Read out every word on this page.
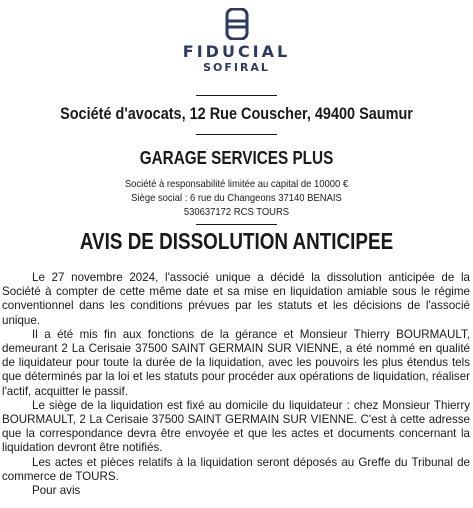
FIDUCIAL
SOFIRAL
Société d'avocats, 12 Rue Couscher, 49400 Saumur
GARAGE SERVICES PLUS
Société à responsabilité limitée au capital de 10000 €
Siège social : 6 rue du Changeons 37140 BENAIS
530637172 RCS TOURS
AVIS DE DISSOLUTION ANTICIPEE

Le 27 novembre 2024, l'associé unique a décidé la dissolution anticipée de la Société à compter de cette même date et sa mise en liquidation amiable sous le régime conventionnel dans les conditions prévues par les statuts et les décisions de l'associé unique.

Il a été mis fin aux fonctions de la gérance et Monsieur Thierry BOURMAULT, demeurant 2 La Cerisaie 37500 SAINT GERMAIN SUR VIENNE, a été nommé en qualité de liquidateur pour toute la durée de la liquidation, avec les pouvoirs les plus étendus tels que déterminés par la loi et les statuts pour procéder aux opérations de liquidation, réaliser l'actif, acquitter le passif.

Le siège de la liquidation est fixé au domicile du liquidateur : chez Monsieur Thierry BOURMAULT, 2 La Cerisaie 37500 SAINT GERMAIN SUR VIENNE. C'est à cette adresse que la correspondance devra être envoyée et que les actes et documents concernant la liquidation devront être notifiés.

Les actes et pièces relatifs à la liquidation seront déposés au Greffe du Tribunal de commerce de TOURS.

Pour avis
